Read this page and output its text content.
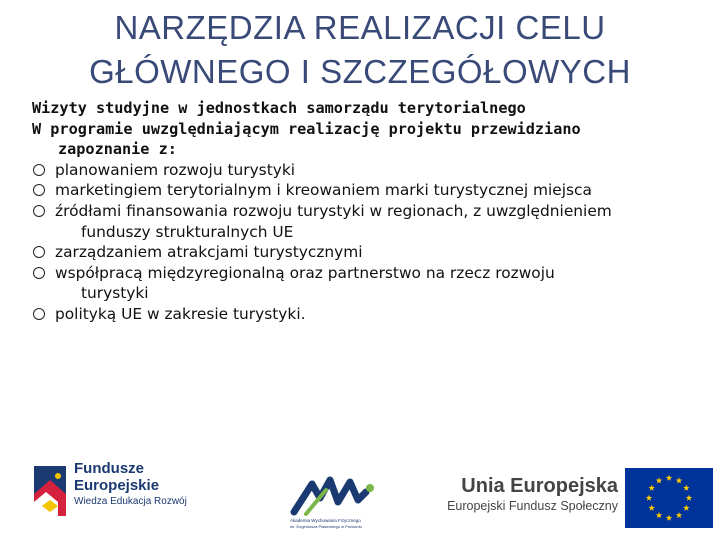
NARZĘDZIA REALIZACJI CELU
GŁÓWNEGO I SZCZEGÓŁOWYCH
Wizyty studyjne w jednostkach samorządu terytorialnego
W programie uwzględniającym realizację projektu przewidziano
zapoznanie z:
planowaniem rozwoju turystyki
marketingiem terytorialnym i kreowaniem marki turystycznej miejsca
źródłami finansowania rozwoju turystyki w regionach, z uwzględnieniem
funduszy strukturalnych UE
zarządzaniem atrakcjami turystycznymi
współpracą międzyregionalną oraz partnerstwo na rzecz rozwoju
turystyki
polityką UE w zakresie turystyki.
Fundusze
Europejskie
Wiedza Edukacja Rozwój
Akademia Wychowania Fizycznego
im. Eugeniusza Piaseckiego w Poznaniu
Unia Europejska
Europejski Fundusz Społeczny
